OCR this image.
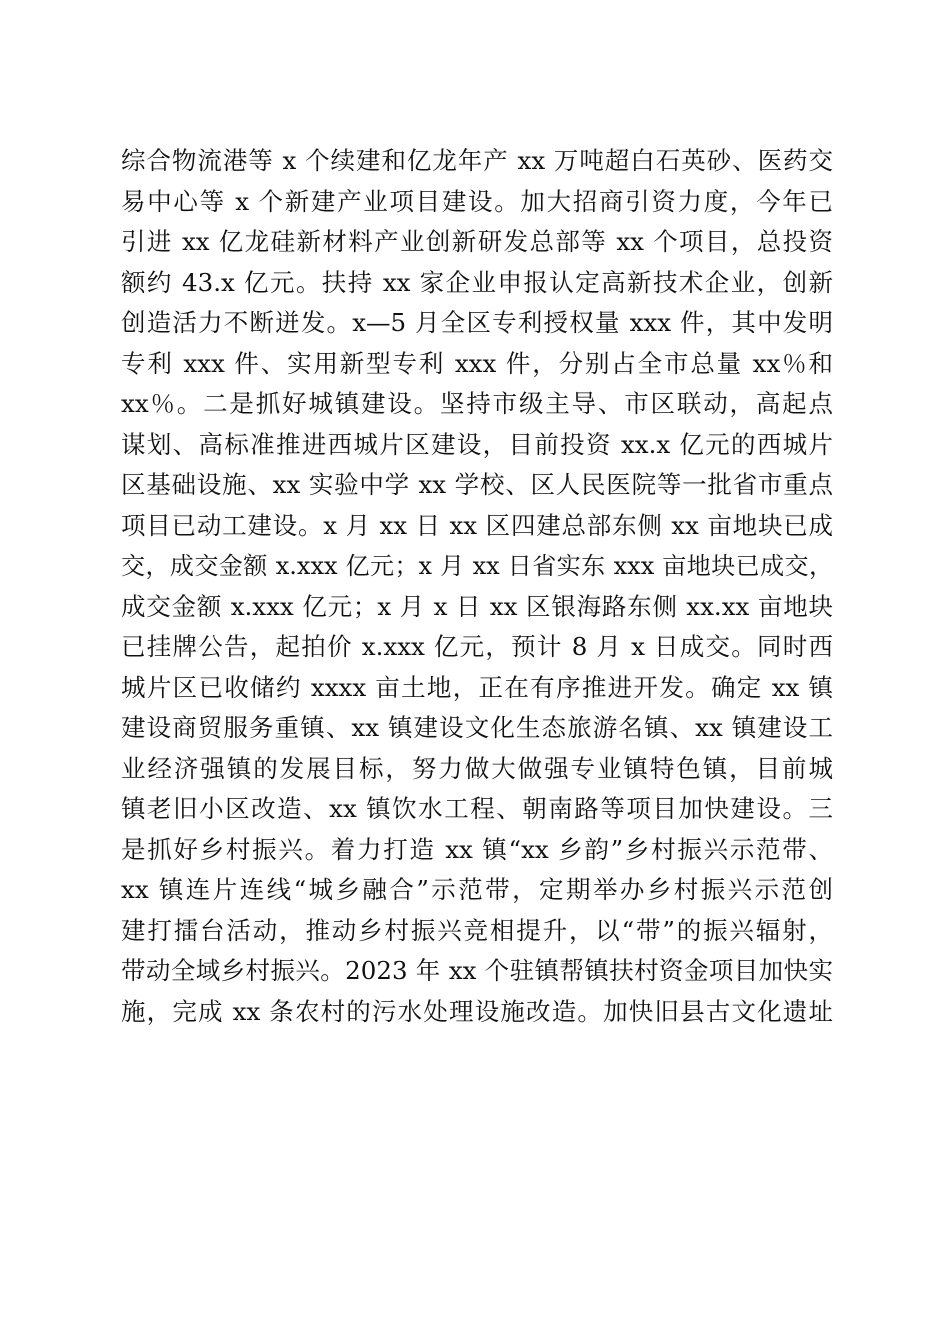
综合物流港等 x 个续建和亿龙年产 xx 万吨超白石英砂、医药交
易中心等 x 个新建产业项目建设。加大招商引资力度，今年已
引进 xx 亿龙硅新材料产业创新研发总部等 xx 个项目，总投资
额约 43.x 亿元。扶持 xx 家企业申报认定高新技术企业，创新
创造活力不断迸发。x—5 月全区专利授权量 xxx 件，其中发明
专利 xxx 件、实用新型专利 xxx 件，分别占全市总量 xx％和
xx％。二是抓好城镇建设。坚持市级主导、市区联动，高起点
谋划、高标准推进西城片区建设，目前投资 xx.x 亿元的西城片
区基础设施、xx 实验中学 xx 学校、区人民医院等一批省市重点
项目已动工建设。x 月 xx 日 xx 区四建总部东侧 xx 亩地块已成
交，成交金额 x.xxx 亿元；x 月 xx 日省实东 xxx 亩地块已成交，
成交金额 x.xxx 亿元；x 月 x 日 xx 区银海路东侧 xx.xx 亩地块
已挂牌公告，起拍价 x.xxx 亿元，预计 8 月 x 日成交。同时西
城片区已收储约 xxxx 亩土地，正在有序推进开发。确定 xx 镇
建设商贸服务重镇、xx 镇建设文化生态旅游名镇、xx 镇建设工
业经济强镇的发展目标，努力做大做强专业镇特色镇，目前城
镇老旧小区改造、xx 镇饮水工程、朝南路等项目加快建设。三
是抓好乡村振兴。着力打造 xx 镇“xx 乡韵”乡村振兴示范带、
xx 镇连片连线“城乡融合”示范带，定期举办乡村振兴示范创
建打擂台活动，推动乡村振兴竞相提升，以“带”的振兴辐射，
带动全域乡村振兴。2023 年 xx 个驻镇帮镇扶村资金项目加快实
施，完成 xx 条农村的污水处理设施改造。加快旧县古文化遗址
